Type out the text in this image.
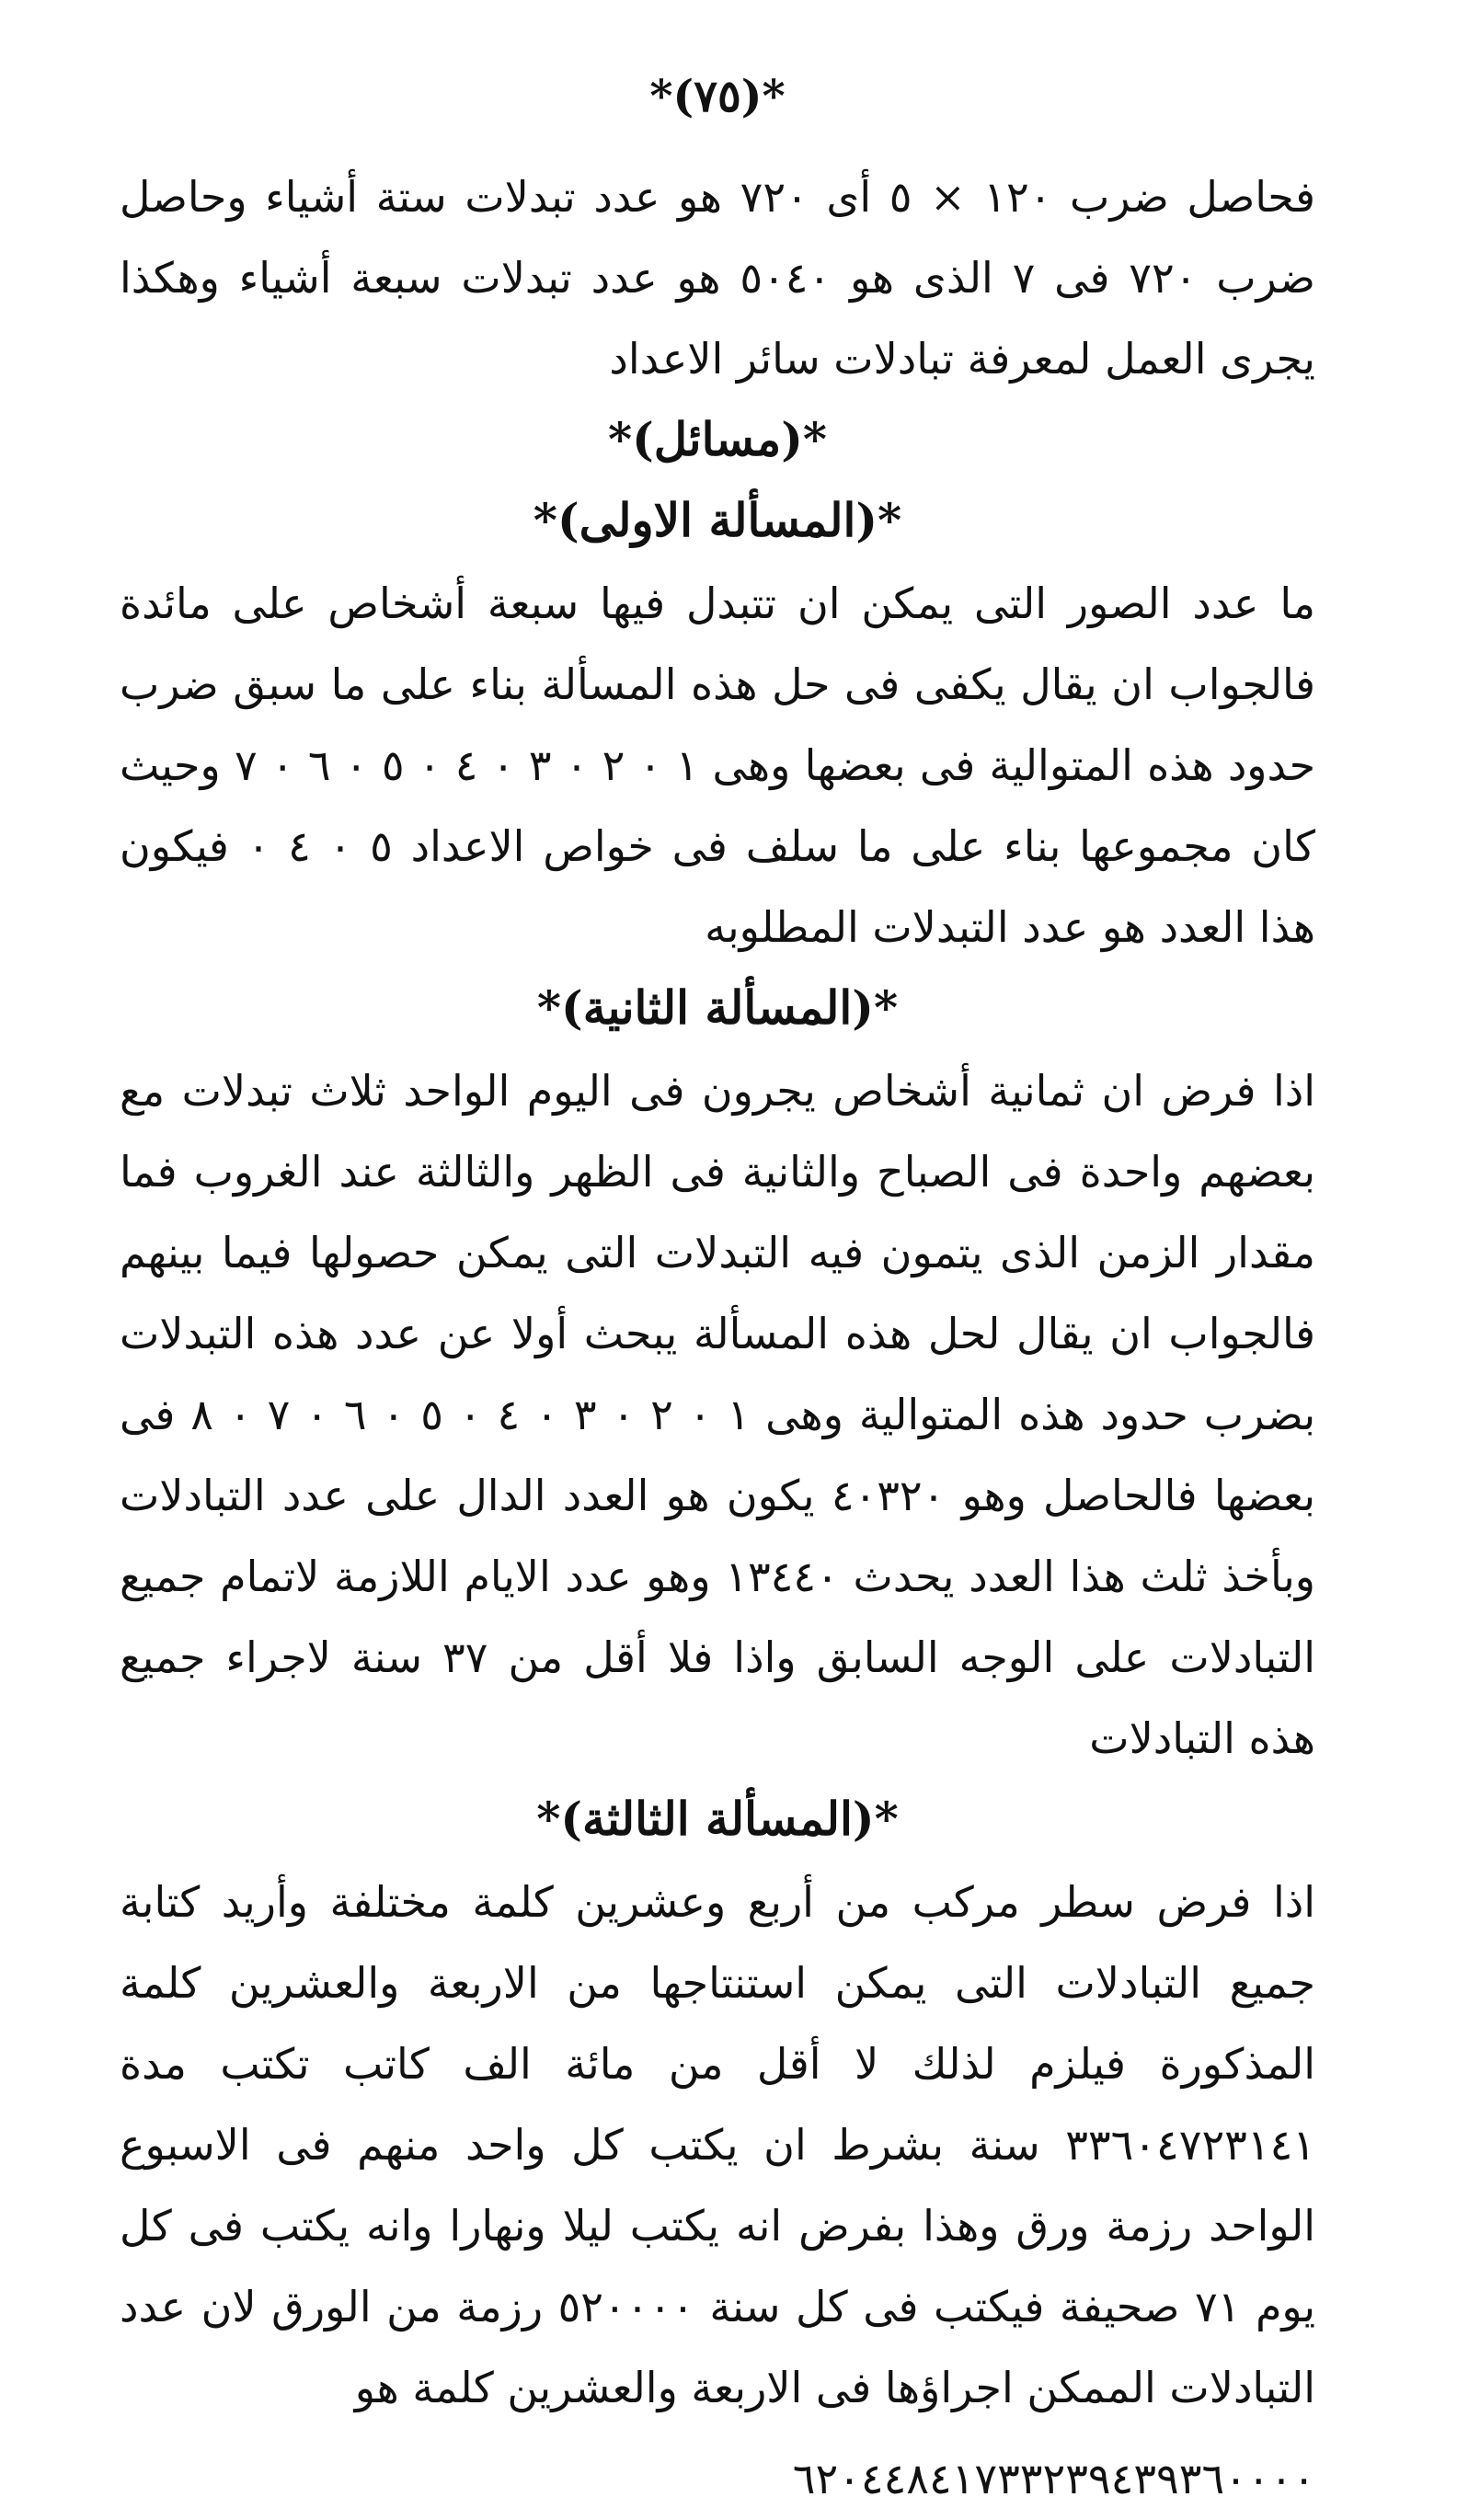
*(٧٥)*

فحاصل ضرب ١٢٠ × ٥ أى ٧٢٠ هو عدد تبدلات ستة أشياء وحاصل ضرب ٧٢٠ فى ٧ الذى هو ٥٠٤٠ هو عدد تبدلات سبعة أشياء وهكذا يجرى العمل لمعرفة تبادلات سائر الاعداد

*(مسائل)*
*(المسألة الاولى)*

ما عدد الصور التى يمكن ان تتبدل فيها سبعة أشخاص على مائدة فالجواب ان يقال يكفى فى حل هذه المسألة بناء على ما سبق ضرب حدود هذه المتوالية فى بعضها وهى ١ ٠ ٢ ٠ ٣ ٠ ٤ ٠ ٥ ٠ ٦ ٠ ٧ وحيث كان مجموعها بناء على ما سلف فى خواص الاعداد ٥ ٠ ٤ ٠ فيكون هذا العدد هو عدد التبدلات المطلوبه

*(المسألة الثانية)*

اذا فرض ان ثمانية أشخاص يجرون فى اليوم الواحد ثلاث تبدلات مع بعضهم واحدة فى الصباح والثانية فى الظهر والثالثة عند الغروب فما مقدار الزمن الذى يتمون فيه التبدلات التى يمكن حصولها فيما بينهم فالجواب ان يقال لحل هذه المسألة يبحث أولا عن عدد هذه التبدلات بضرب حدود هذه المتوالية وهى ١ ٠ ٢ ٠ ٣ ٠ ٤ ٠ ٥ ٠ ٦ ٠ ٧ ٠ ٨ فى بعضها فالحاصل وهو ٤٠٣٢٠ يكون هو العدد الدال على عدد التبادلات وبأخذ ثلث هذا العدد يحدث ١٣٤٤٠ وهو عدد الايام اللازمة لاتمام جميع التبادلات على الوجه السابق واذا فلا أقل من ٣٧ سنة لاجراء جميع هذه التبادلات

*(المسألة الثالثة)*

اذا فرض سطر مركب من أربع وعشرين كلمة مختلفة وأريد كتابة جميع التبادلات التى يمكن استنتاجها من الاربعة والعشرين كلمة المذكورة فيلزم لذلك لا أقل من مائة الف كاتب تكتب مدة ٣٣٦٠٤٧٢٣١٤١ سنة بشرط ان يكتب كل واحد منهم فى الاسبوع الواحد رزمة ورق وهذا بفرض انه يكتب ليلا ونهارا وانه يكتب فى كل يوم ٧١ صحيفة فيكتب فى كل سنة ٥٢٠٠٠٠ رزمة من الورق لان عدد التبادلات الممكن اجراؤها فى الاربعة والعشرين كلمة هو

٦٢٠٤٤٨٤١٧٣٣٢٣٩٤٣٩٣٦٠٠٠٠
